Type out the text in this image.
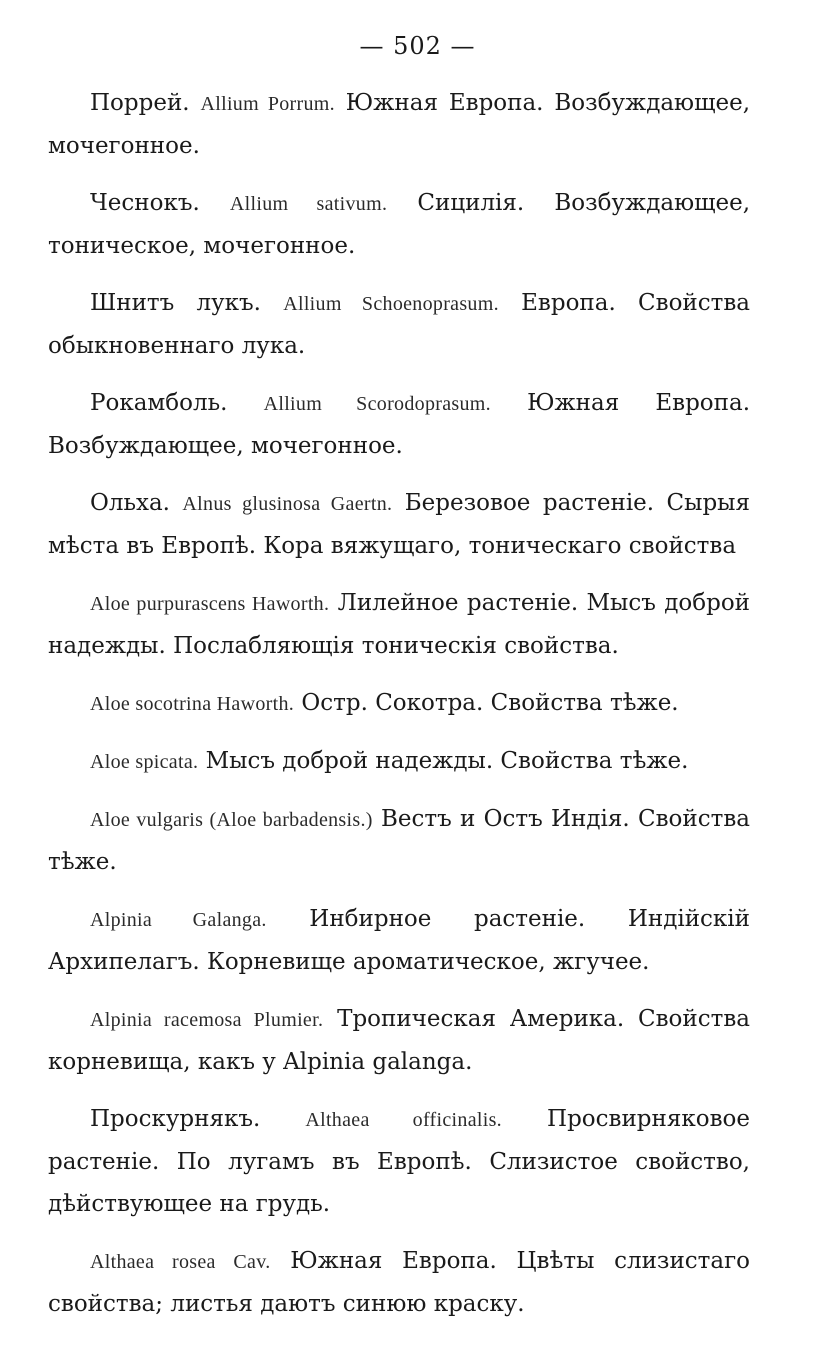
— 502 —

Поррей. Allium Porrum. Южная Европа. Возбуждающее, мочегонное.

Чеснокъ. Allium sativum. Сицилія. Возбуждающее, тоническое, мочегонное.

Шнитъ лукъ. Allium Schoenoprasum. Европа. Свойства обыкновеннаго лука.

Рокамболь. Allium Scorodoprasum. Южная Европа. Возбуждающее, мочегонное.

Ольха. Alnus glusinosa Gaertn. Березовое растеніе. Сырыя мѣста въ Европѣ. Кора вяжущаго, тоническаго свойства

Aloe purpurascens Haworth. Лилейное растеніе. Мысъ доброй надежды. Послабляющія тоническія свойства.

Aloe socotrina Haworth. Остр. Сокотра. Свойства тѣже.

Aloe spicata. Мысъ доброй надежды. Свойства тѣже.

Aloe vulgaris (Aloe barbadensis.) Вестъ и Остъ Индія. Свойства тѣже.

Alpinia Galanga. Инбирное растеніе. Индійскій Архипелагъ. Корневище ароматическое, жгучее.

Alpinia racemosa Plumier. Тропическая Америка. Свойства корневища, какъ у Alpinia galanga.

Проскурнякъ. Althaea officinalis. Просвирняковое растеніе. По лугамъ въ Европѣ. Слизистое свойство, дѣйствующее на грудь.

Althaea rosea Cav. Южная Европа. Цвѣты слизистаго свойства; листья даютъ синюю краску.
